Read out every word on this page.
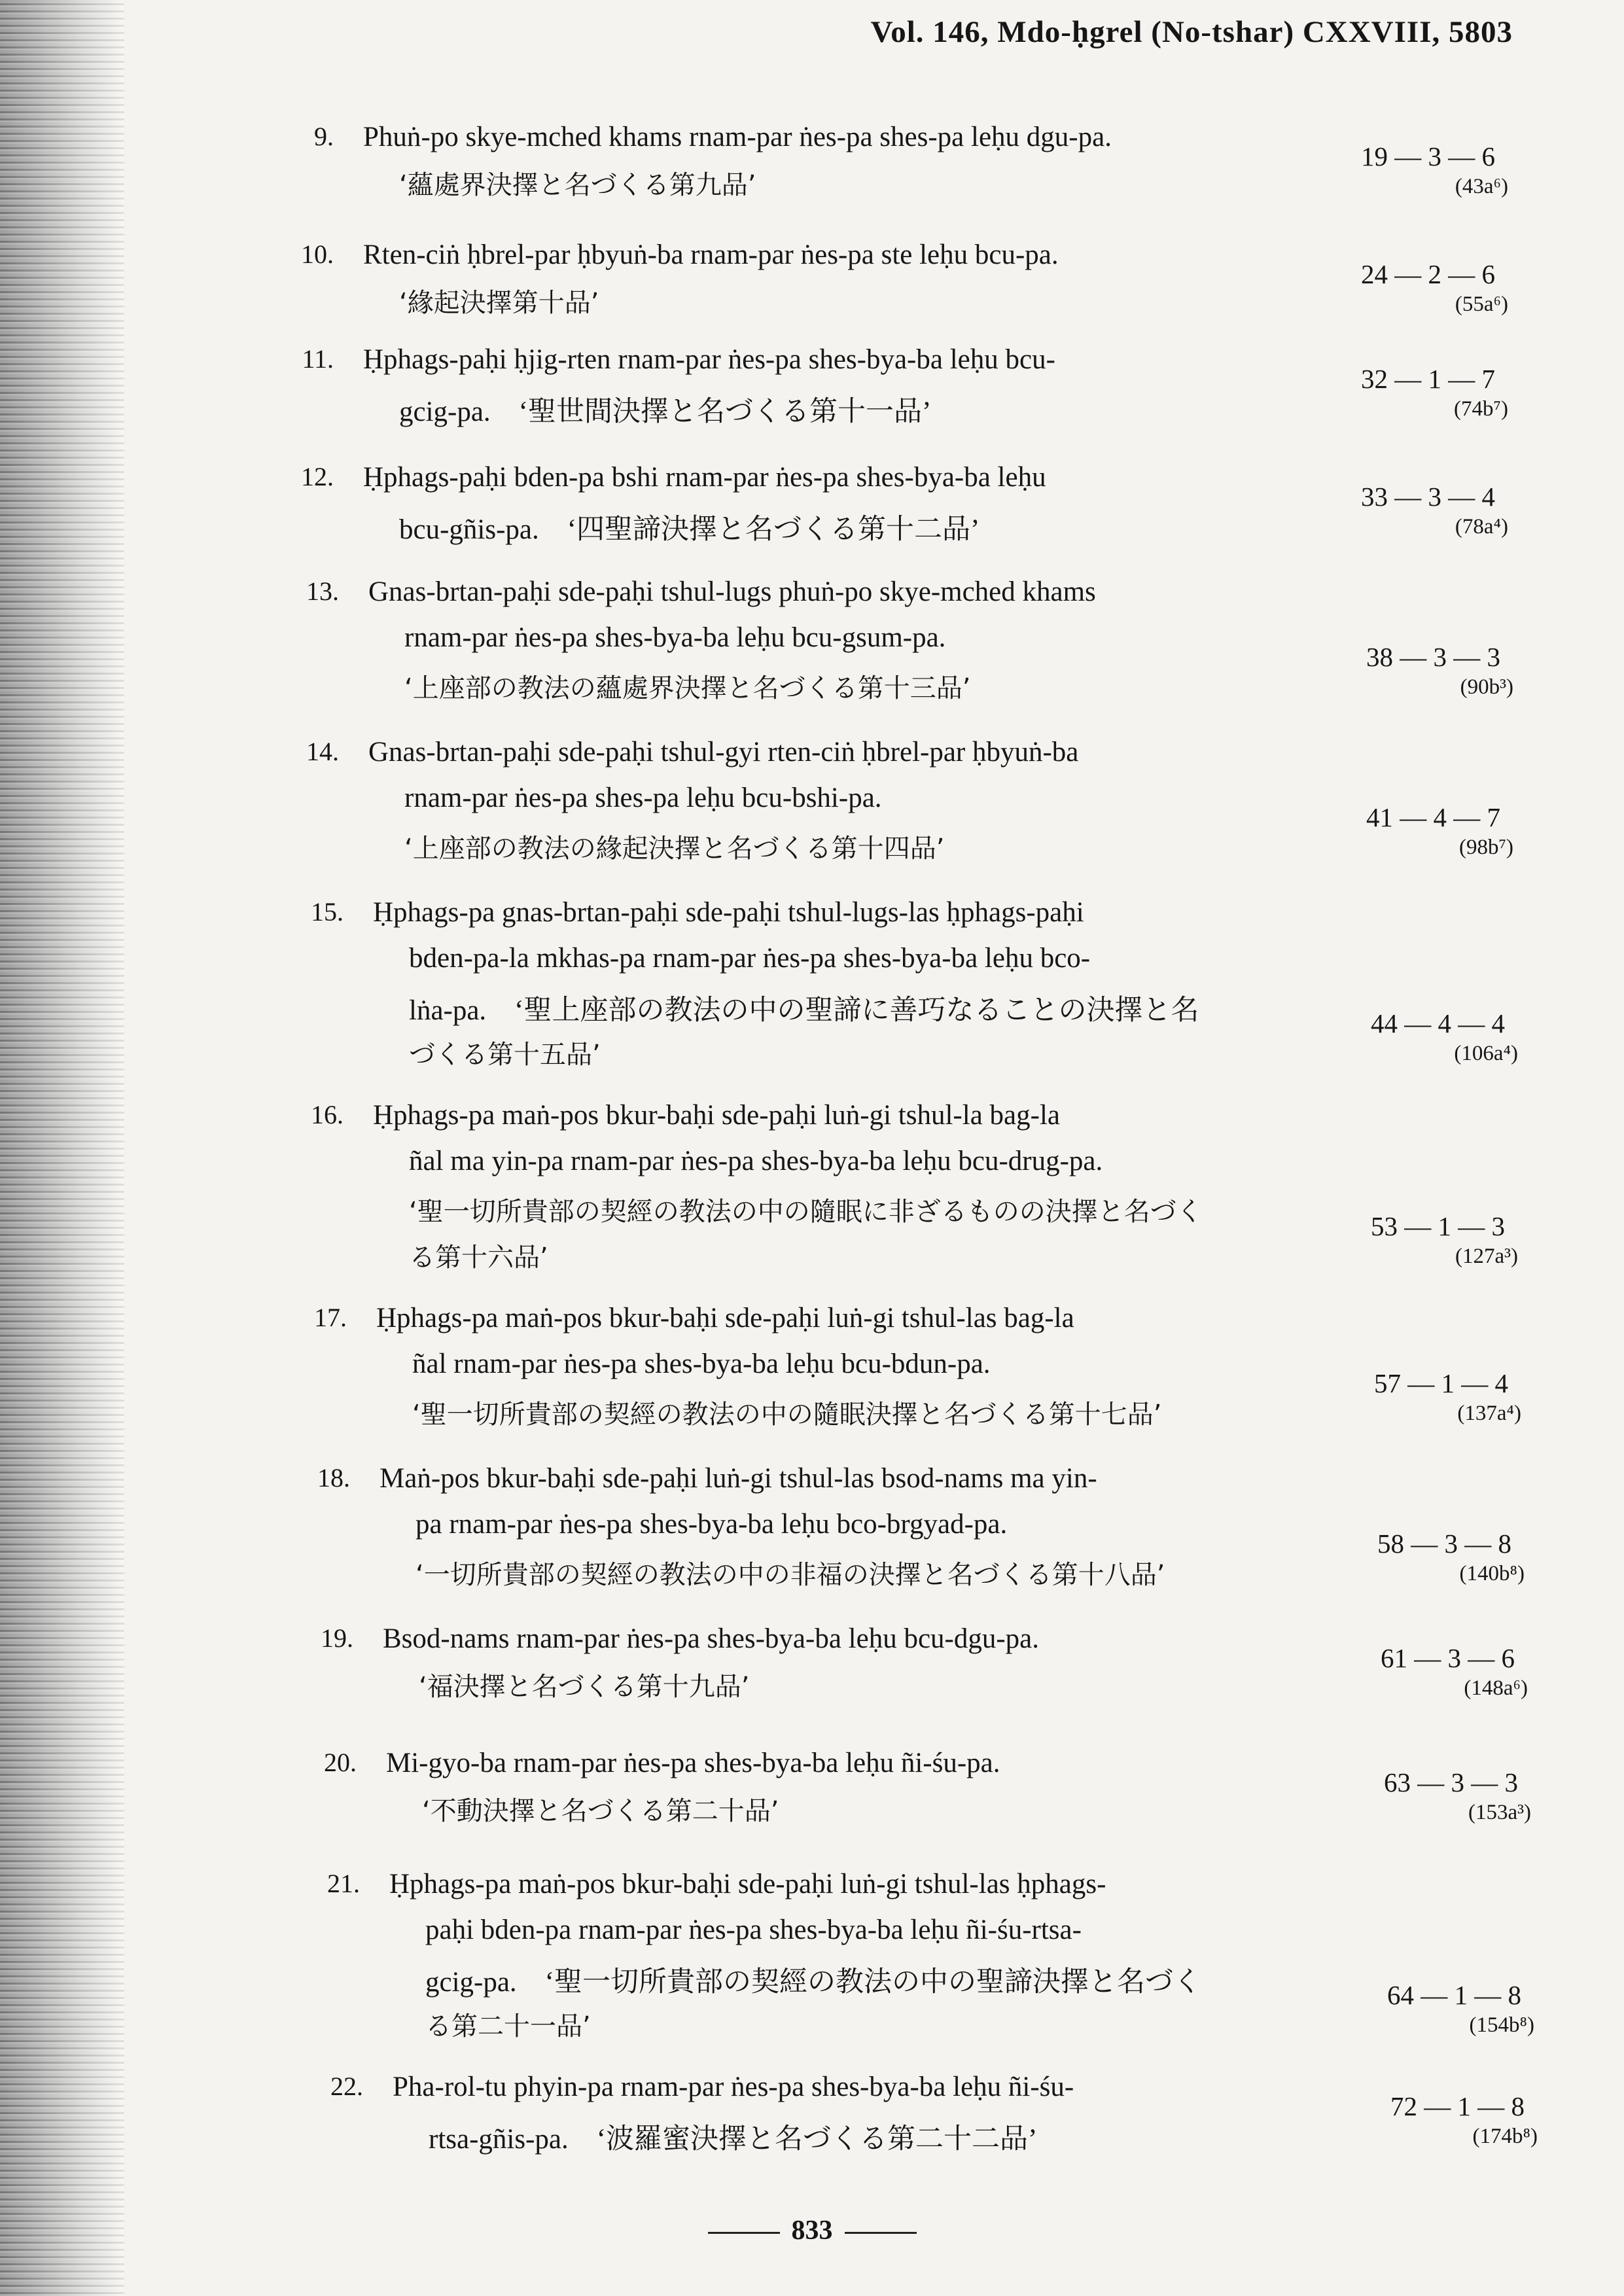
Vol. 146, Mdo-ḥgrel (No-tshar) CXXVIII, 5803
9. Phuṅ-po skye-mched khams rnam-par ṅes-pa shes-pa leḥu dgu-pa.
‘蘊處界決擇と名づくる第九品’
19 — 3 — 6
(43a⁶)
10. Rten-ciṅ ḥbrel-par ḥbyuṅ-ba rnam-par ṅes-pa ste leḥu bcu-pa.
‘緣起決擇第十品’
24 — 2 — 6
(55a⁶)
11. Ḥphags-paḥi ḥjig-rten rnam-par ṅes-pa shes-bya-ba leḥu bcu-
gcig-pa.　‘聖世間決擇と名づくる第十一品’
32 — 1 — 7
(74b⁷)
12. Ḥphags-paḥi bden-pa bshi rnam-par ṅes-pa shes-bya-ba leḥu
bcu-gñis-pa.　‘四聖諦決擇と名づくる第十二品’
33 — 3 — 4
(78a⁴)
13. Gnas-brtan-paḥi sde-paḥi tshul-lugs phuṅ-po skye-mched khams
rnam-par ṅes-pa shes-bya-ba leḥu bcu-gsum-pa.
‘上座部の教法の蘊處界決擇と名づくる第十三品’
38 — 3 — 3
(90b³)
14. Gnas-brtan-paḥi sde-paḥi tshul-gyi rten-ciṅ ḥbrel-par ḥbyuṅ-ba
rnam-par ṅes-pa shes-pa leḥu bcu-bshi-pa.
‘上座部の教法の緣起決擇と名づくる第十四品’
41 — 4 — 7
(98b⁷)
15. Ḥphags-pa gnas-brtan-paḥi sde-paḥi tshul-lugs-las ḥphags-paḥi
bden-pa-la mkhas-pa rnam-par ṅes-pa shes-bya-ba leḥu bco-
lṅa-pa.　‘聖上座部の教法の中の聖諦に善巧なることの決擇と名
づくる第十五品’
44 — 4 — 4
(106a⁴)
16. Ḥphags-pa maṅ-pos bkur-baḥi sde-paḥi luṅ-gi tshul-la bag-la
ñal ma yin-pa rnam-par ṅes-pa shes-bya-ba leḥu bcu-drug-pa.
‘聖一切所貴部の契經の教法の中の隨眠に非ざるものの決擇と名づく
る第十六品’
53 — 1 — 3
(127a³)
17. Ḥphags-pa maṅ-pos bkur-baḥi sde-paḥi luṅ-gi tshul-las bag-la
ñal rnam-par ṅes-pa shes-bya-ba leḥu bcu-bdun-pa.
‘聖一切所貴部の契經の教法の中の隨眠決擇と名づくる第十七品’
57 — 1 — 4
(137a⁴)
18. Maṅ-pos bkur-baḥi sde-paḥi luṅ-gi tshul-las bsod-nams ma yin-
pa rnam-par ṅes-pa shes-bya-ba leḥu bco-brgyad-pa.
‘一切所貴部の契經の教法の中の非福の決擇と名づくる第十八品’
58 — 3 — 8
(140b⁸)
19. Bsod-nams rnam-par ṅes-pa shes-bya-ba leḥu bcu-dgu-pa.
‘福決擇と名づくる第十九品’
61 — 3 — 6
(148a⁶)
20. Mi-gyo-ba rnam-par ṅes-pa shes-bya-ba leḥu ñi-śu-pa.
‘不動決擇と名づくる第二十品’
63 — 3 — 3
(153a³)
21. Ḥphags-pa maṅ-pos bkur-baḥi sde-paḥi luṅ-gi tshul-las ḥphags-
paḥi bden-pa rnam-par ṅes-pa shes-bya-ba leḥu ñi-śu-rtsa-
gcig-pa.　‘聖一切所貴部の契經の教法の中の聖諦決擇と名づく
る第二十一品’
64 — 1 — 8
(154b⁸)
22. Pha-rol-tu phyin-pa rnam-par ṅes-pa shes-bya-ba leḥu ñi-śu-
rtsa-gñis-pa.　‘波羅蜜決擇と名づくる第二十二品’
72 — 1 — 8
(174b⁸)
833
